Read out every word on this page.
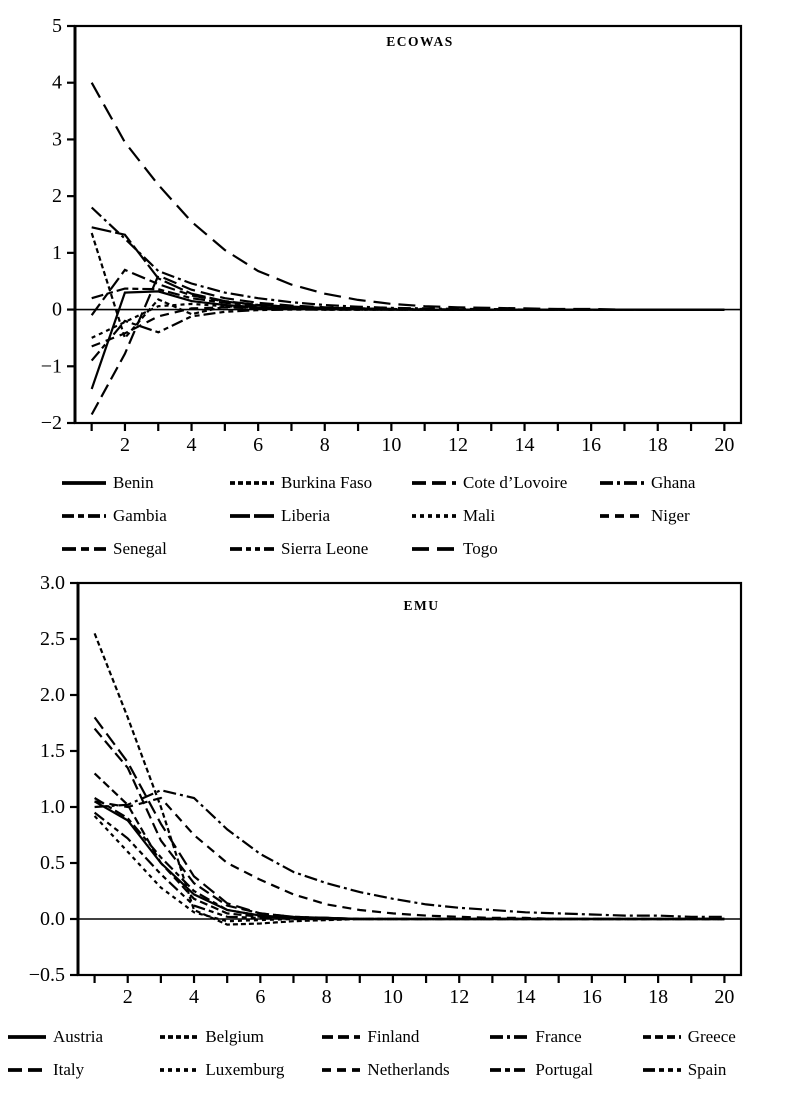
5
4
3
2
1
0
−1
−2
2	4	6	8	10 12 14 16 18 20
ECOWAS
Benin	Burkina Faso	Cote d’Lovoire	Ghana
Gambia	Liberia	Mali	Niger
Senegal	Sierra Leone	Togo
3.0
2.5
2.0
1.5
1.0
0.5
0.0
−0.5
2	4	6	8	10 12 14 16 18 20
EMU
Austria	Belgium	Finland	France	Greece
Italy	Luxemburg	Netherlands	Portugal	Spain
